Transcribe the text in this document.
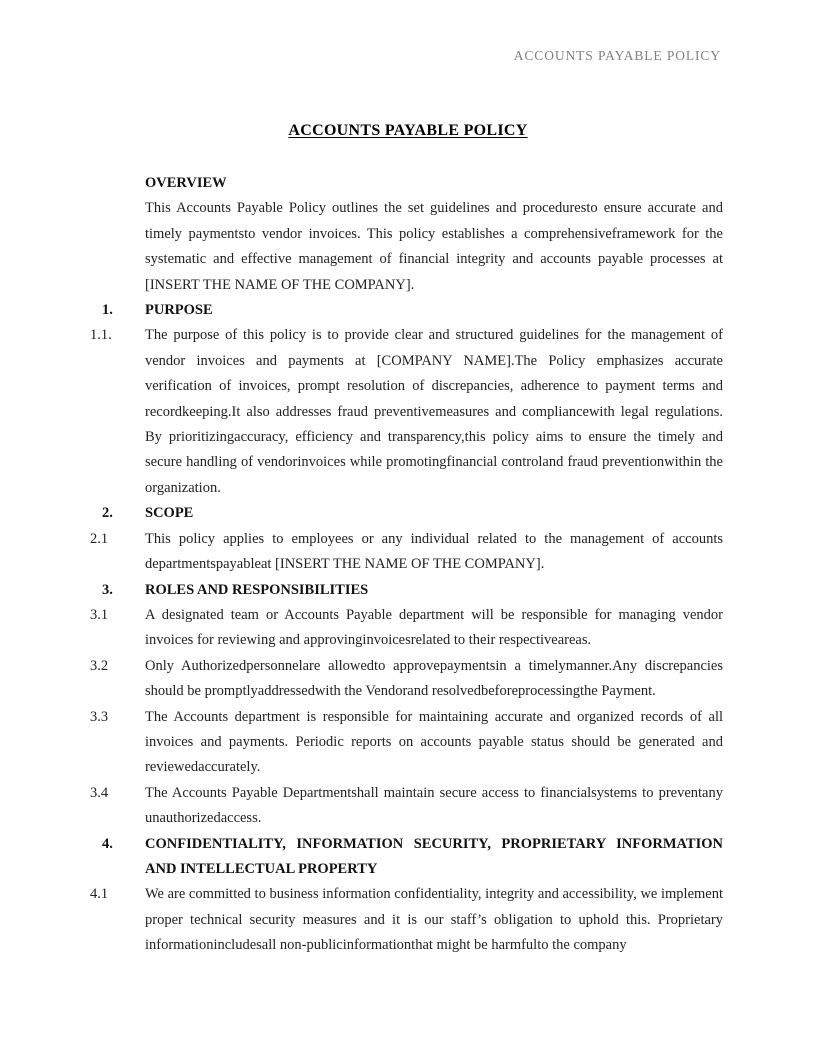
ACCOUNTS PAYABLE POLICY
ACCOUNTS PAYABLE POLICY
OVERVIEW
This Accounts Payable Policy outlines the set guidelines and proceduresto ensure accurate and timely paymentsto vendor invoices. This policy establishes a comprehensiveframework for the systematic and effective management of financial integrity and accounts payable processes at [INSERT THE NAME OF THE COMPANY].
1.	PURPOSE
1.1.	The purpose of this policy is to provide clear and structured guidelines for the management of vendor invoices and payments at [COMPANY NAME].The Policy emphasizes accurate verification of invoices, prompt resolution of discrepancies, adherence to payment terms and recordkeeping.It also addresses fraud preventivemeasures and compliancewith legal regulations. By prioritizingaccuracy, efficiency and transparency,this policy aims to ensure the timely and secure handling of vendorinvoices while promotingfinancial controland fraud preventionwithin the organization.
2.	SCOPE
2.1	This policy applies to employees or any individual related to the management of accounts departmentspayableat [INSERT THE NAME OF THE COMPANY].
3.	ROLES AND RESPONSIBILITIES
3.1	A designated team or Accounts Payable department will be responsible for managing vendor invoices for reviewing and approvinginvoicesrelated to their respectiveareas.
3.2	Only Authorizedpersonnelare allowedto approvepaymentsin a timelymanner.Any discrepancies should be promptlyaddressedwith the Vendorand resolvedbeforeprocessingthe Payment.
3.3	The Accounts department is responsible for maintaining accurate and organized records of all invoices and payments. Periodic reports on accounts payable status should be generated and reviewedaccurately.
3.4	The Accounts Payable Departmentshall maintain secure access to financialsystems to preventany unauthorizedaccess.
4.	CONFIDENTIALITY, INFORMATION SECURITY, PROPRIETARY INFORMATION AND INTELLECTUAL PROPERTY
4.1	We are committed to business information confidentiality, integrity and accessibility, we implement proper technical security measures and it is our staff’s obligation to uphold this. Proprietary informationincludesall non-publicinformationthat might be harmfulto the company
